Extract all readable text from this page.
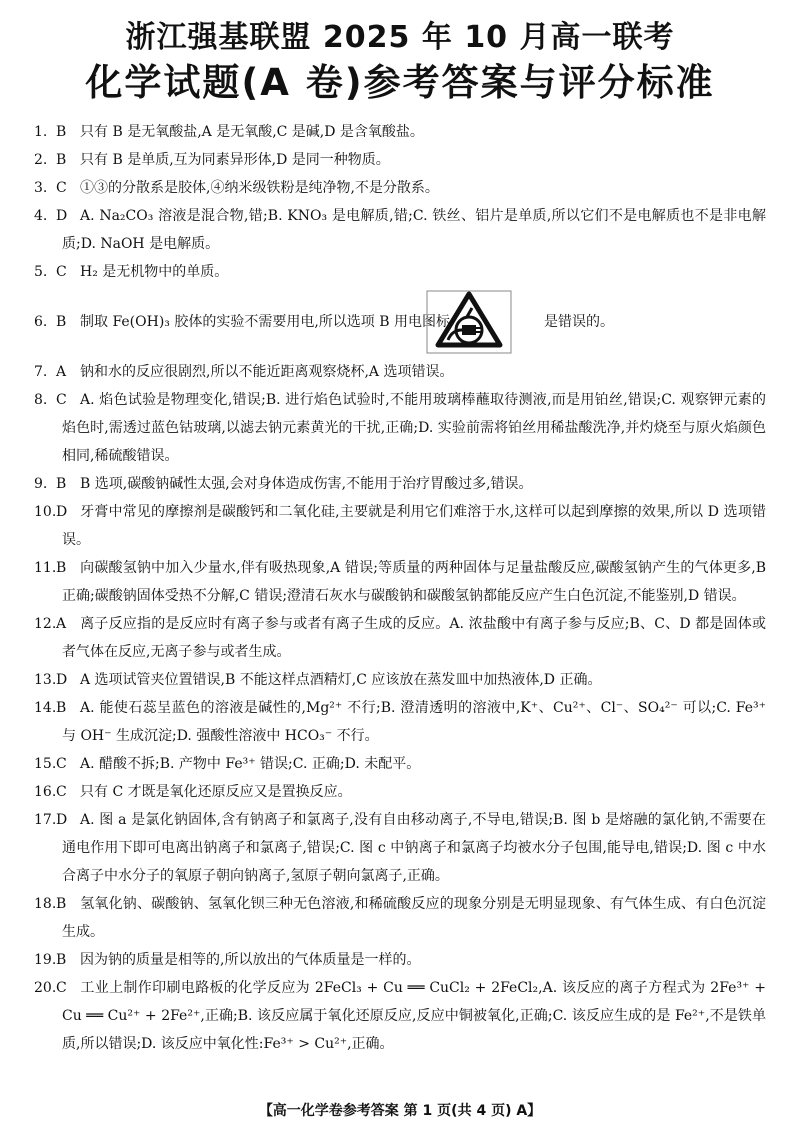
浙江强基联盟 2025 年 10 月高一联考
化学试题(A 卷)参考答案与评分标准
1. B 只有 B 是无氧酸盐,A 是无氧酸,C 是碱,D 是含氧酸盐。
2. B 只有 B 是单质,互为同素异形体,D 是同一种物质。
3. C ①③的分散系是胶体,④纳米级铁粉是纯净物,不是分散系。
4. D A. Na₂CO₃ 溶液是混合物,错;B. KNO₃ 是电解质,错;C. 铁丝、铝片是单质,所以它们不是电解质也不是非电解质;D. NaOH 是电解质。
5. C H₂ 是无机物中的单质。
6. B 制取 Fe(OH)₃ 胶体的实验不需要用电,所以选项 B 用电图标	是错误的。
7. A 钠和水的反应很剧烈,所以不能近距离观察烧杯,A 选项错误。
8. C A. 焰色试验是物理变化,错误;B. 进行焰色试验时,不能用玻璃棒蘸取待测液,而是用铂丝,错误;C. 观察钾元素的焰色时,需透过蓝色钴玻璃,以滤去钠元素黄光的干扰,正确;D. 实验前需将铂丝用稀盐酸洗净,并灼烧至与原火焰颜色相同,稀硫酸错误。
9. B B 选项,碳酸钠碱性太强,会对身体造成伤害,不能用于治疗胃酸过多,错误。
10.D 牙膏中常见的摩擦剂是碳酸钙和二氧化硅,主要就是利用它们难溶于水,这样可以起到摩擦的效果,所以 D 选项错误。
11.B 向碳酸氢钠中加入少量水,伴有吸热现象,A 错误;等质量的两种固体与足量盐酸反应,碳酸氢钠产生的气体更多,B 正确;碳酸钠固体受热不分解,C 错误;澄清石灰水与碳酸钠和碳酸氢钠都能反应产生白色沉淀,不能鉴别,D 错误。
12.A 离子反应指的是反应时有离子参与或者有离子生成的反应。A. 浓盐酸中有离子参与反应;B、C、D 都是固体或者气体在反应,无离子参与或者生成。
13.D A 选项试管夹位置错误,B 不能这样点酒精灯,C 应该放在蒸发皿中加热液体,D 正确。
14.B A. 能使石蕊呈蓝色的溶液是碱性的,Mg²⁺ 不行;B. 澄清透明的溶液中,K⁺、Cu²⁺、Cl⁻、SO₄²⁻ 可以;C. Fe³⁺ 与 OH⁻ 生成沉淀;D. 强酸性溶液中 HCO₃⁻ 不行。
15.C A. 醋酸不拆;B. 产物中 Fe³⁺ 错误;C. 正确;D. 未配平。
16.C 只有 C 才既是氧化还原反应又是置换反应。
17.D A. 图 a 是氯化钠固体,含有钠离子和氯离子,没有自由移动离子,不导电,错误;B. 图 b 是熔融的氯化钠,不需要在通电作用下即可电离出钠离子和氯离子,错误;C. 图 c 中钠离子和氯离子均被水分子包围,能导电,错误;D. 图 c 中水合离子中水分子的氧原子朝向钠离子,氢原子朝向氯离子,正确。
18.B 氢氧化钠、碳酸钠、氢氧化钡三种无色溶液,和稀硫酸反应的现象分别是无明显现象、有气体生成、有白色沉淀生成。
19.B 因为钠的质量是相等的,所以放出的气体质量是一样的。
20.C 工业上制作印刷电路板的化学反应为 2FeCl₃ + Cu ══ CuCl₂ + 2FeCl₂,A. 该反应的离子方程式为 2Fe³⁺ + Cu ══ Cu²⁺ + 2Fe²⁺,正确;B. 该反应属于氧化还原反应,反应中铜被氧化,正确;C. 该反应生成的是 Fe²⁺,不是铁单质,所以错误;D. 该反应中氧化性:Fe³⁺ > Cu²⁺,正确。
【高一化学卷参考答案 第 1 页(共 4 页) A】
